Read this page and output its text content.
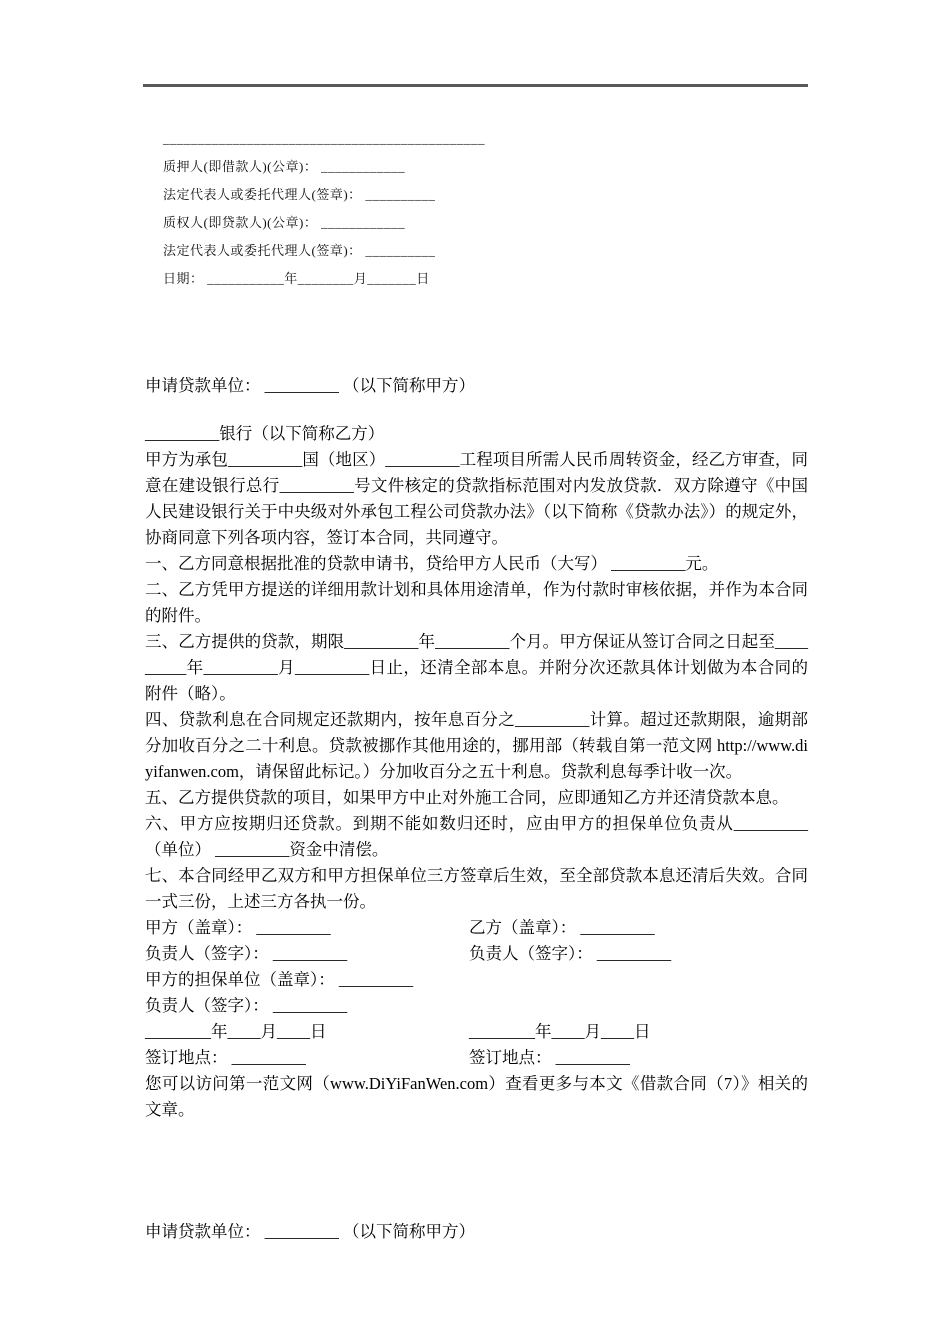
______________________________________________
质押人(即借款人)(公章)： ____________
法定代表人或委托代理人(签章)： __________
质权人(即贷款人)(公章)： ____________
法定代表人或委托代理人(签章)： __________
日期： ___________年________月_______日

申请贷款单位： _________ （以下简称甲方）

_________银行（以下简称乙方）

甲方为承包_________国（地区）_________工程项目所需人民币周转资金，经乙方审查，同意在建设银行总行_________号文件核定的贷款指标范围对内发放贷款．双方除遵守《中国人民建设银行关于中央级对外承包工程公司贷款办法》（以下简称《贷款办法》）的规定外，协商同意下列各项内容，签订本合同，共同遵守。

一、乙方同意根据批准的贷款申请书，贷给甲方人民币（大写） _________元。

二、乙方凭甲方提送的详细用款计划和具体用途清单，作为付款时审核依据，并作为本合同的附件。

三、乙方提供的贷款，期限_________年_________个月。甲方保证从签订合同之日起至_________年_________月_________日止，还清全部本息。并附分次还款具体计划做为本合同的附件（略）。

四、贷款利息在合同规定还款期内，按年息百分之_________计算。超过还款期限，逾期部分加收百分之二十利息。贷款被挪作其他用途的，挪用部（转载自第一范文网 http://www.diyifanwen.com，请保留此标记。）分加收百分之五十利息。贷款利息每季计收一次。

五、乙方提供贷款的项目，如果甲方中止对外施工合同，应即通知乙方并还清贷款本息。

六、甲方应按期归还贷款。到期不能如数归还时，应由甲方的担保单位负责从_________（单位） _________资金中清偿。

七、本合同经甲乙双方和甲方担保单位三方签章后生效，至全部贷款本息还清后失效。合同一式三份，上述三方各执一份。

甲方（盖章）： _________	乙方（盖章）： _________
负责人（签字）： _________	负责人（签字）： _________
甲方的担保单位（盖章）： _________
负责人（签字）： _________
________年____月____日	________年____月____日
签订地点： _________	签订地点： _________

您可以访问第一范文网（www.DiYiFanWen.com）查看更多与本文《借款合同（7）》相关的文章。

申请贷款单位： _________ （以下简称甲方）
